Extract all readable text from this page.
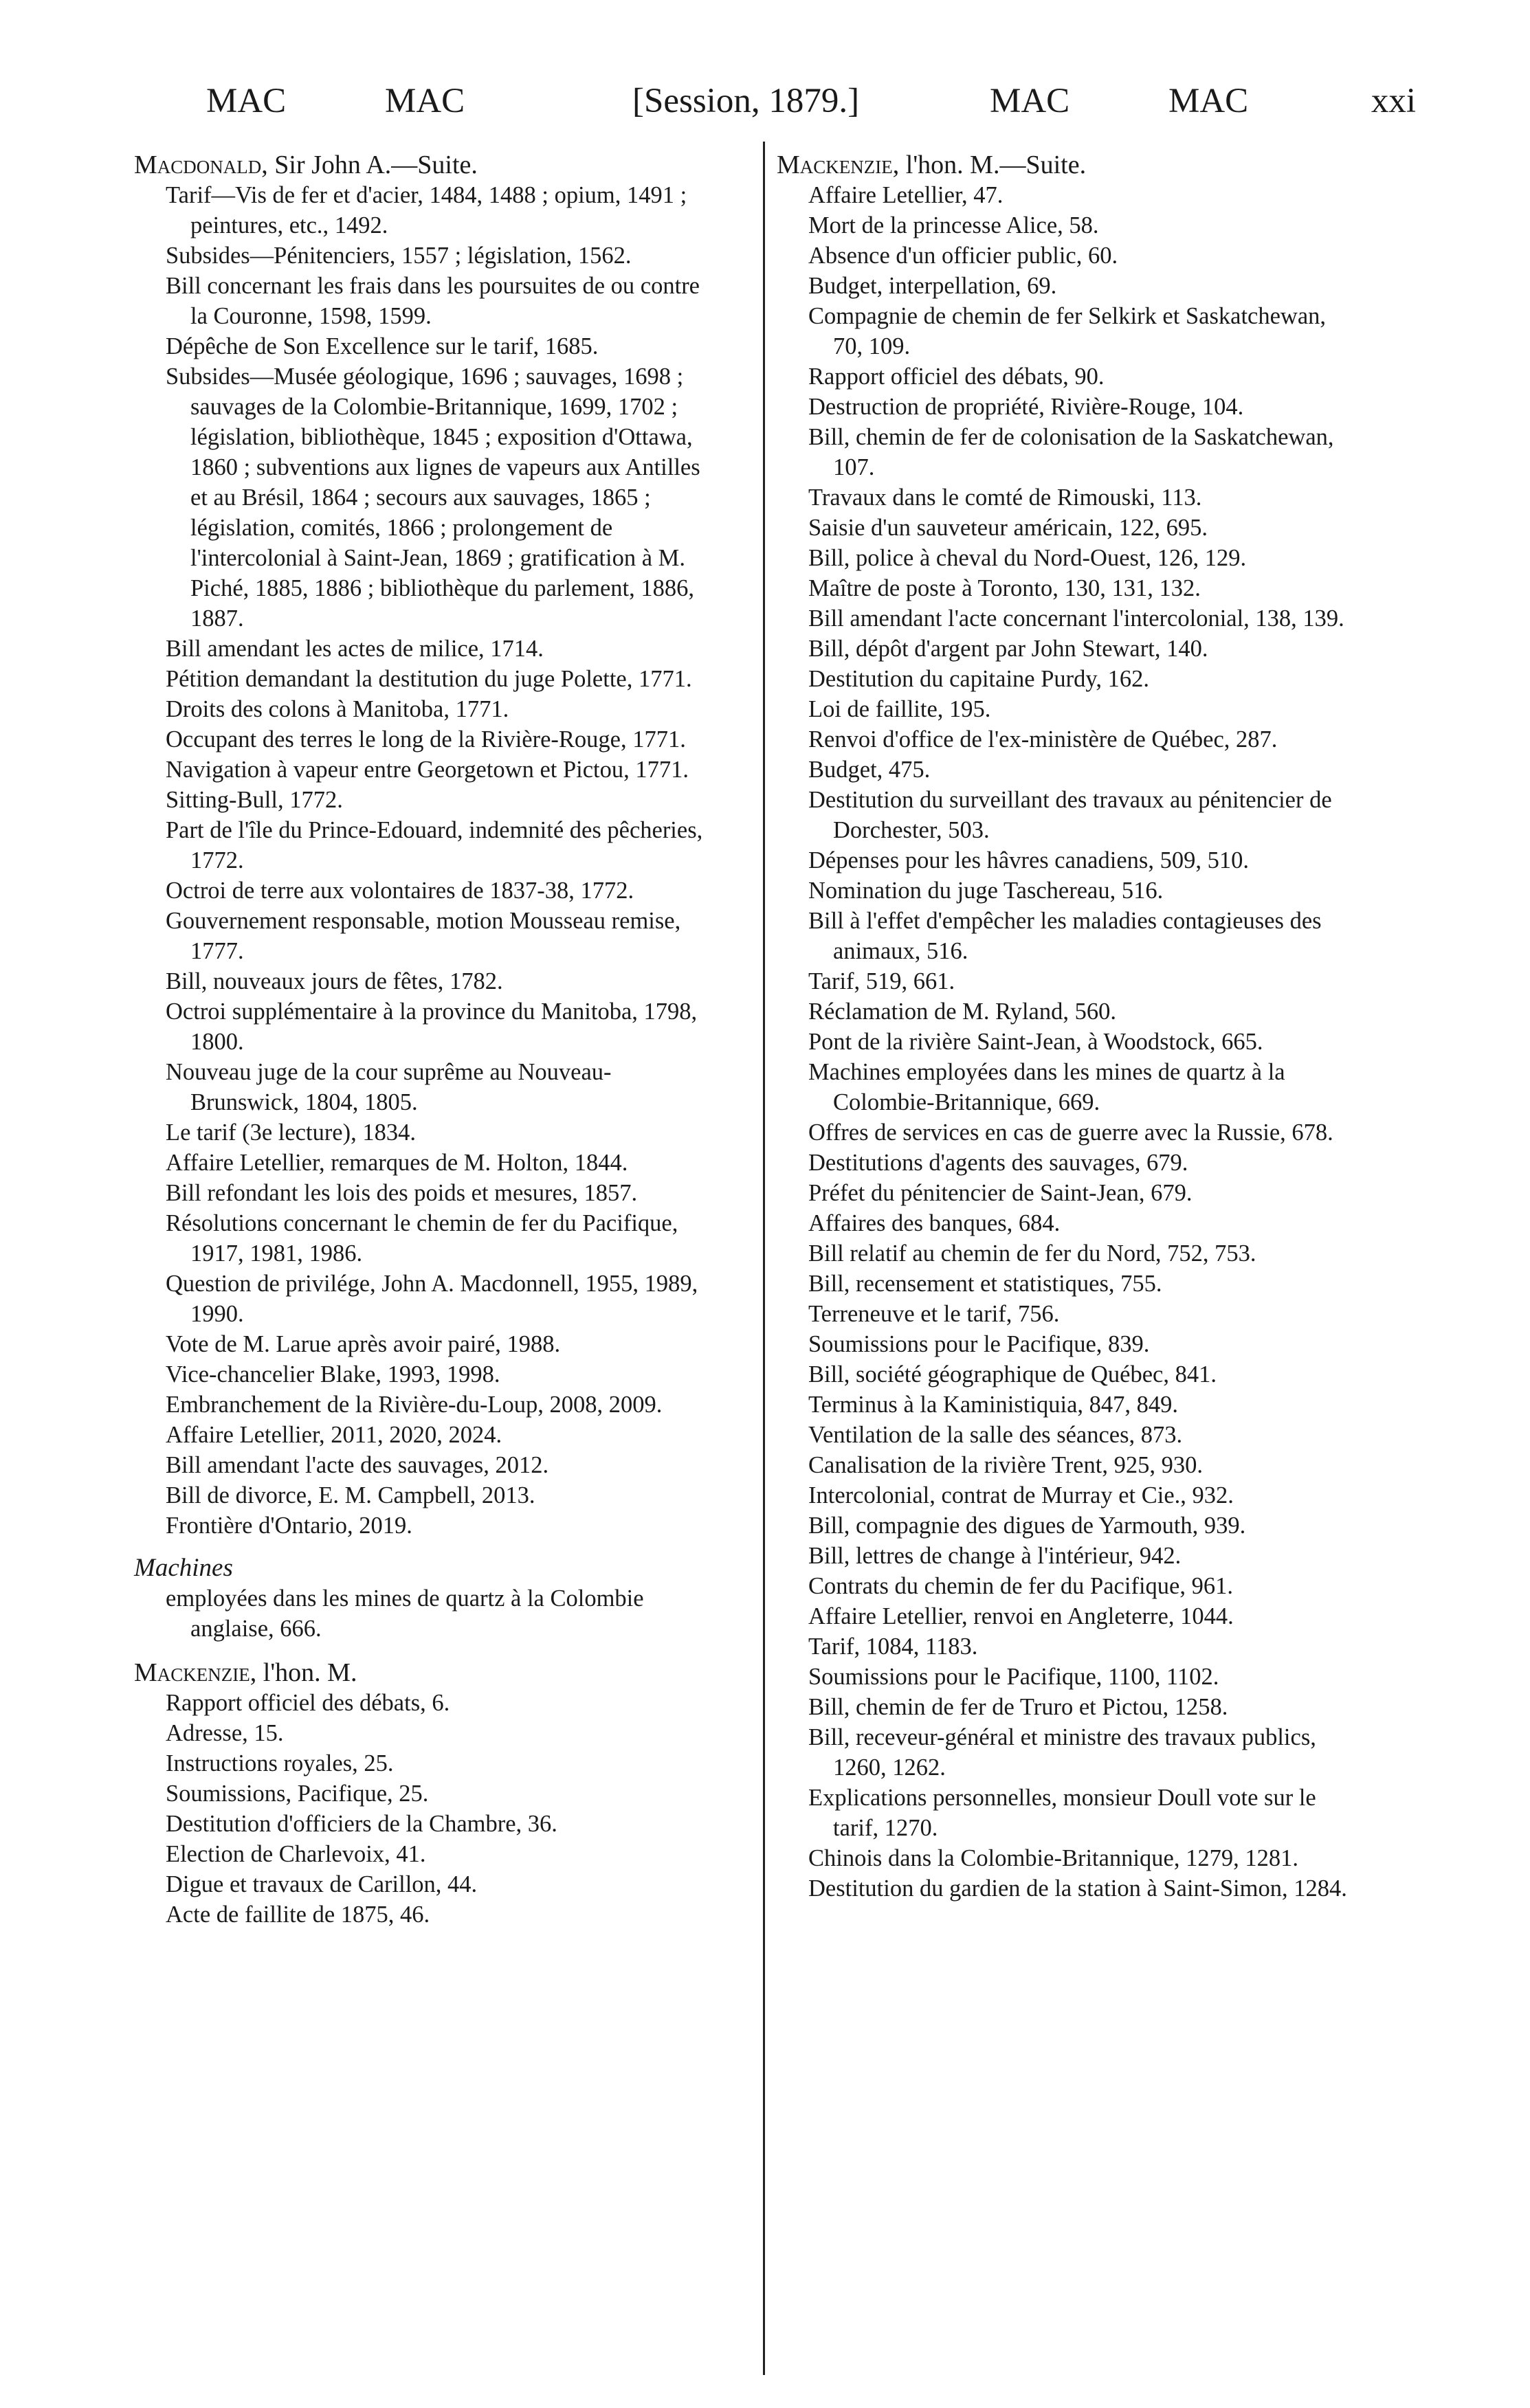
MAC	MAC	[Session, 1879.]	MAC	MAC	xxi

Macdonald, Sir John A.—Suite.

Tarif—Vis de fer et d'acier, 1484, 1488 ; opium, 1491 ; peintures, etc., 1492.

Subsides—Pénitenciers, 1557 ; législation, 1562.

Bill concernant les frais dans les poursuites de ou contre la Couronne, 1598, 1599.

Dépêche de Son Excellence sur le tarif, 1685.

Subsides—Musée géologique, 1696 ; sauvages, 1698 ; sauvages de la Colombie-Britannique, 1699, 1702 ; législation, bibliothèque, 1845 ; exposition d'Ottawa, 1860 ; subventions aux lignes de vapeurs aux Antilles et au Brésil, 1864 ; secours aux sauvages, 1865 ; législation, comités, 1866 ; prolongement de l'intercolonial à Saint-Jean, 1869 ; gratification à M. Piché, 1885, 1886 ; bibliothèque du parlement, 1886, 1887.

Bill amendant les actes de milice, 1714.

Pétition demandant la destitution du juge Polette, 1771.

Droits des colons à Manitoba, 1771.

Occupant des terres le long de la Rivière-Rouge, 1771.

Navigation à vapeur entre Georgetown et Pictou, 1771.

Sitting-Bull, 1772.

Part de l'île du Prince-Edouard, indemnité des pêcheries, 1772.

Octroi de terre aux volontaires de 1837-38, 1772.

Gouvernement responsable, motion Mousseau remise, 1777.

Bill, nouveaux jours de fêtes, 1782.

Octroi supplémentaire à la province du Manitoba, 1798, 1800.

Nouveau juge de la cour suprême au Nouveau-Brunswick, 1804, 1805.

Le tarif (3e lecture), 1834.

Affaire Letellier, remarques de M. Holton, 1844.

Bill refondant les lois des poids et mesures, 1857.

Résolutions concernant le chemin de fer du Pacifique, 1917, 1981, 1986.

Question de privilége, John A. Macdonnell, 1955, 1989, 1990.

Vote de M. Larue après avoir pairé, 1988.

Vice-chancelier Blake, 1993, 1998.

Embranchement de la Rivière-du-Loup, 2008, 2009.

Affaire Letellier, 2011, 2020, 2024.

Bill amendant l'acte des sauvages, 2012.

Bill de divorce, E. M. Campbell, 2013.

Frontière d'Ontario, 2019.

Machines

employées dans les mines de quartz à la Colombie anglaise, 666.

Mackenzie, l'hon. M.

Rapport officiel des débats, 6.

Adresse, 15.

Instructions royales, 25.

Soumissions, Pacifique, 25.

Destitution d'officiers de la Chambre, 36.

Election de Charlevoix, 41.

Digue et travaux de Carillon, 44.

Acte de faillite de 1875, 46.

Mackenzie, l'hon. M.—Suite.

Affaire Letellier, 47.

Mort de la princesse Alice, 58.

Absence d'un officier public, 60.

Budget, interpellation, 69.

Compagnie de chemin de fer Selkirk et Saskatchewan, 70, 109.

Rapport officiel des débats, 90.

Destruction de propriété, Rivière-Rouge, 104.

Bill, chemin de fer de colonisation de la Saskatchewan, 107.

Travaux dans le comté de Rimouski, 113.

Saisie d'un sauveteur américain, 122, 695.

Bill, police à cheval du Nord-Ouest, 126, 129.

Maître de poste à Toronto, 130, 131, 132.

Bill amendant l'acte concernant l'intercolonial, 138, 139.

Bill, dépôt d'argent par John Stewart, 140.

Destitution du capitaine Purdy, 162.

Loi de faillite, 195.

Renvoi d'office de l'ex-ministère de Québec, 287.

Budget, 475.

Destitution du surveillant des travaux au pénitencier de Dorchester, 503.

Dépenses pour les hâvres canadiens, 509, 510.

Nomination du juge Taschereau, 516.

Bill à l'effet d'empêcher les maladies contagieuses des animaux, 516.

Tarif, 519, 661.

Réclamation de M. Ryland, 560.

Pont de la rivière Saint-Jean, à Woodstock, 665.

Machines employées dans les mines de quartz à la Colombie-Britannique, 669.

Offres de services en cas de guerre avec la Russie, 678.

Destitutions d'agents des sauvages, 679.

Préfet du pénitencier de Saint-Jean, 679.

Affaires des banques, 684.

Bill relatif au chemin de fer du Nord, 752, 753.

Bill, recensement et statistiques, 755.

Terreneuve et le tarif, 756.

Soumissions pour le Pacifique, 839.

Bill, société géographique de Québec, 841.

Terminus à la Kaministiquia, 847, 849.

Ventilation de la salle des séances, 873.

Canalisation de la rivière Trent, 925, 930.

Intercolonial, contrat de Murray et Cie., 932.

Bill, compagnie des digues de Yarmouth, 939.

Bill, lettres de change à l'intérieur, 942.

Contrats du chemin de fer du Pacifique, 961.

Affaire Letellier, renvoi en Angleterre, 1044.

Tarif, 1084, 1183.

Soumissions pour le Pacifique, 1100, 1102.

Bill, chemin de fer de Truro et Pictou, 1258.

Bill, receveur-général et ministre des travaux publics, 1260, 1262.

Explications personnelles, monsieur Doull vote sur le tarif, 1270.

Chinois dans la Colombie-Britannique, 1279, 1281.

Destitution du gardien de la station à Saint-Simon, 1284.
